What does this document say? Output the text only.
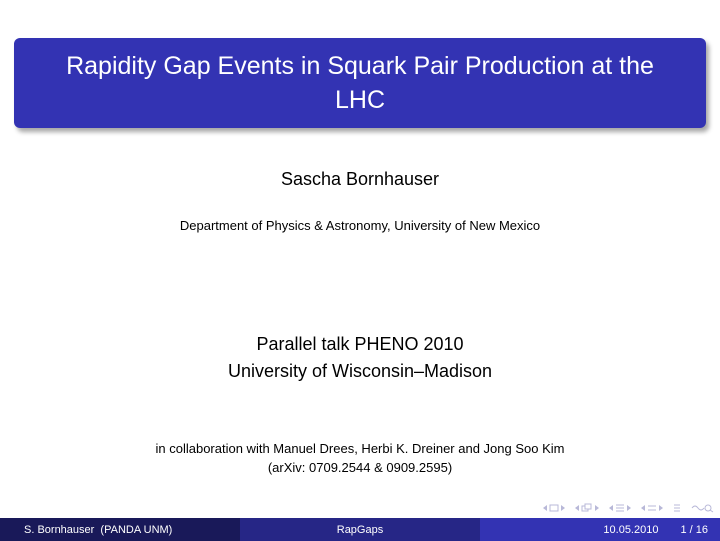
Rapidity Gap Events in Squark Pair Production at the LHC
Sascha Bornhauser
Department of Physics & Astronomy, University of New Mexico
Parallel talk PHENO 2010
University of Wisconsin–Madison
in collaboration with Manuel Drees, Herbi K. Dreiner and Jong Soo Kim
(arXiv: 0709.2544 & 0909.2595)
S. Bornhauser  (PANDA UNM)	RapGaps	10.05.2010 1 / 16
